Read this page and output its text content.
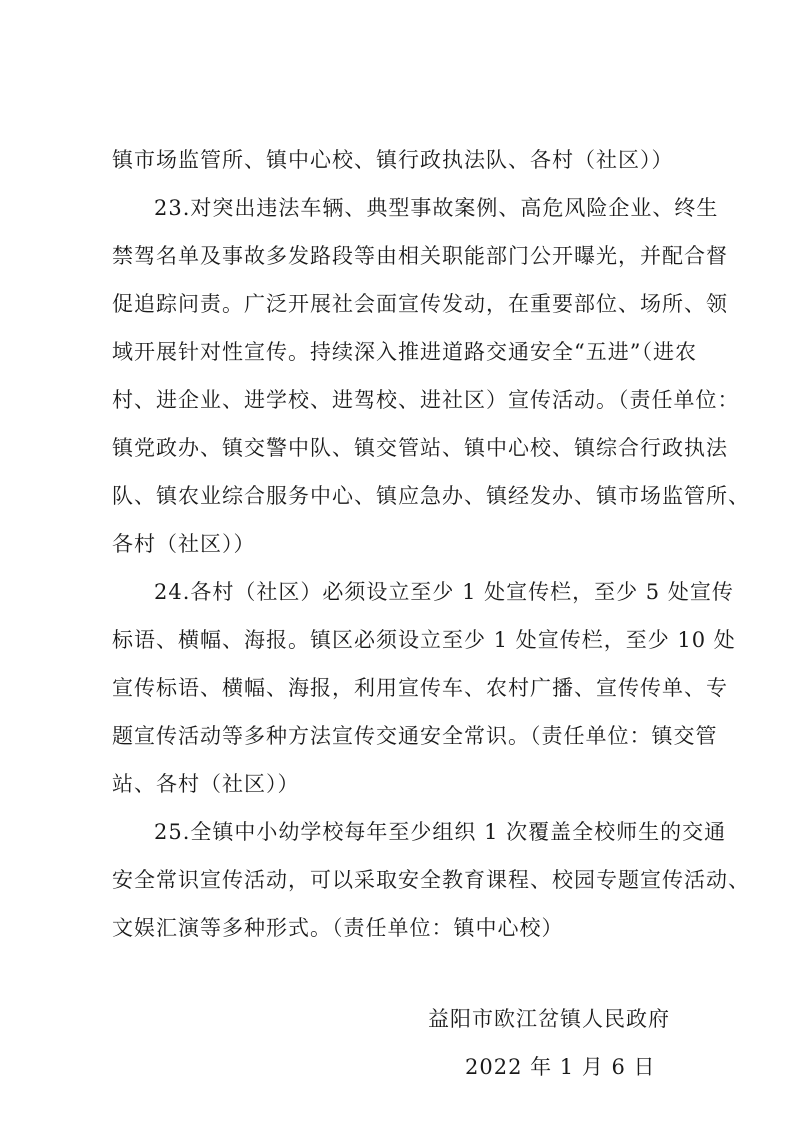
镇市场监管所、镇中心校、镇行政执法队、各村（社区））
23.对突出违法车辆、典型事故案例、高危风险企业、终生
禁驾名单及事故多发路段等由相关职能部门公开曝光，并配合督
促追踪问责。广泛开展社会面宣传发动，在重要部位、场所、领
域开展针对性宣传。持续深入推进道路交通安全“五进”（进农
村、进企业、进学校、进驾校、进社区）宣传活动。（责任单位：
镇党政办、镇交警中队、镇交管站、镇中心校、镇综合行政执法
队、镇农业综合服务中心、镇应急办、镇经发办、镇市场监管所、
各村（社区））
24.各村（社区）必须设立至少 1 处宣传栏，至少 5 处宣传
标语、横幅、海报。镇区必须设立至少 1 处宣传栏，至少 10 处
宣传标语、横幅、海报，利用宣传车、农村广播、宣传传单、专
题宣传活动等多种方法宣传交通安全常识。（责任单位：镇交管
站、各村（社区））
25.全镇中小幼学校每年至少组织 1 次覆盖全校师生的交通
安全常识宣传活动，可以采取安全教育课程、校园专题宣传活动、
文娱汇演等多种形式。（责任单位：镇中心校）
益阳市欧江岔镇人民政府
2022 年 1 月 6 日
